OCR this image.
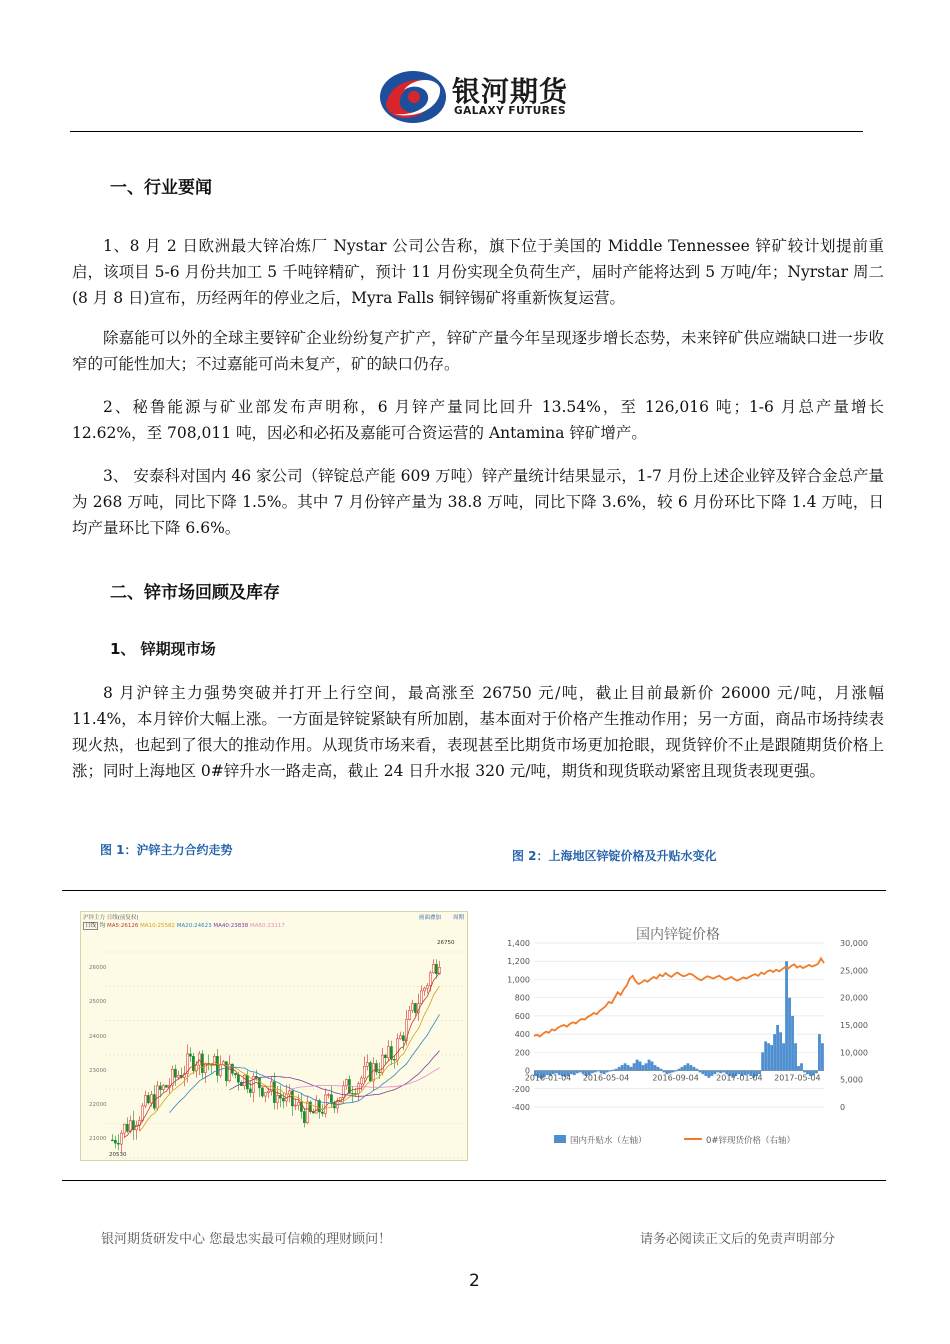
银河期货
GALAXY FUTURES
一、行业要闻

1、8 月 2 日欧洲最大锌冶炼厂 Nystar 公司公告称，旗下位于美国的 Middle Tennessee 锌矿较计划提前重启，该项目 5-6 月份共加工 5 千吨锌精矿，预计 11 月份实现全负荷生产，届时产能将达到 5 万吨/年；Nyrstar 周二(8 月 8 日)宣布，历经两年的停业之后，Myra Falls 铜锌锡矿将重新恢复运营。

除嘉能可以外的全球主要锌矿企业纷纷复产扩产，锌矿产量今年呈现逐步增长态势，未来锌矿供应端缺口进一步收窄的可能性加大；不过嘉能可尚未复产，矿的缺口仍存。

2、秘鲁能源与矿业部发布声明称，6 月锌产量同比回升 13.54%，至 126,016 吨；1-6 月总产量增长 12.62%，至 708,011 吨，因必和必拓及嘉能可合资运营的 Antamina 锌矿增产。

3、 安泰科对国内 46 家公司（锌锭总产能 609 万吨）锌产量统计结果显示，1-7 月份上述企业锌及锌合金总产量为 268 万吨，同比下降 1.5%。其中 7 月份锌产量为 38.8 万吨，同比下降 3.6%，较 6 月份环比下降 1.4 万吨，日均产量环比下降 6.6%。

二、锌市场回顾及库存
1、 锌期现市场

8 月沪锌主力强势突破并打开上行空间，最高涨至 26750 元/吨，截止目前最新价 26000 元/吨，月涨幅 11.4%，本月锌价大幅上涨。一方面是锌锭紧缺有所加剧，基本面对于价格产生推动作用；另一方面，商品市场持续表现火热，也起到了很大的推动作用。从现货市场来看，表现甚至比期货市场更加抢眼，现货锌价不止是跟随期货价格上涨；同时上海地区 0#锌升水一路走高，截止 24 日升水报 320 元/吨，期货和现货联动紧密且现货表现更强。

图 1：沪锌主力合约走势	图 2：上海地区锌锭价格及升贴水变化
沪锌主力 日线(前复权)	画面叠加 周期
日线 均 MA5:26126 MA10:25582 MA20:24623 MA40:23838 MA60:23117
26000
25000
24000
23000
22000
21000
26750
20530
国内锌锭价格
1,400
1,200
1,000
800
600
400
200
0
-200
-400
30,000
25,000
20,000
15,000
10,000
5,000
0
2016-01-04 2016-05-04	2016-09-04 2017-01-04 2017-05-04
国内升贴水（左轴）	0#锌现货价格（右轴）
银河期货研发中心 您最忠实最可信赖的理财顾问！	请务必阅读正文后的免责声明部分
2
